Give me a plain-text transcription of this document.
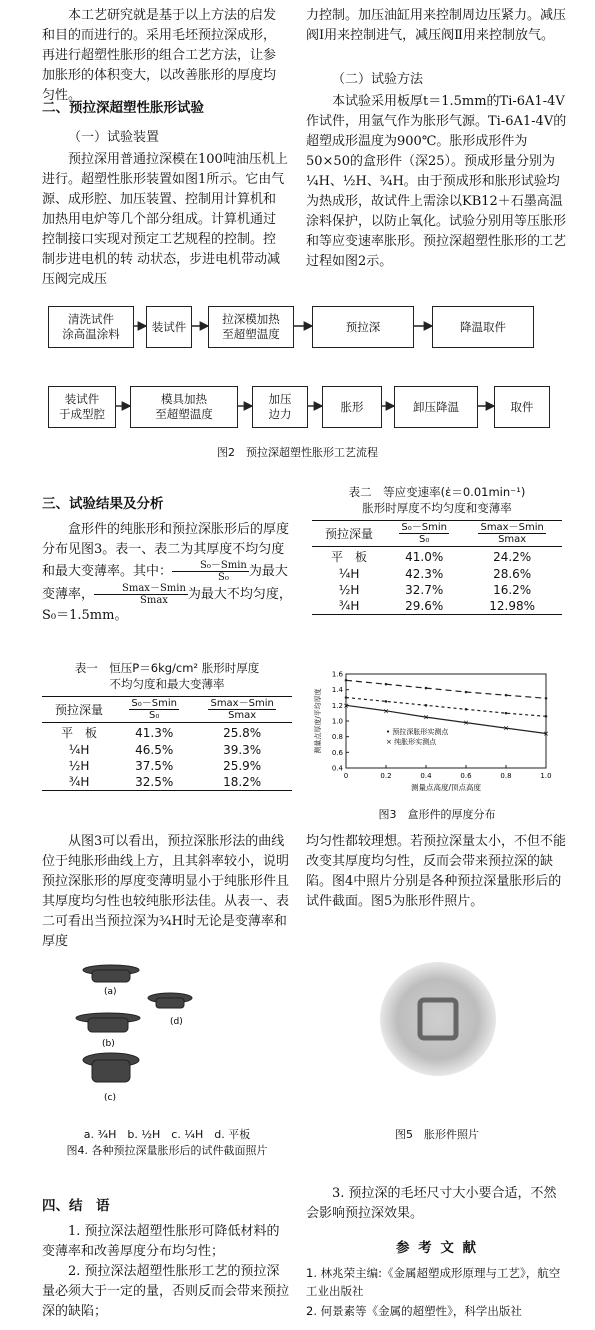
本工艺研究就是基于以上方法的启发和目的而进行的。采用毛坯预拉深成形，再进行超塑性胀形的组合工艺方法，让参加胀形的体积变大，以改善胀形的厚度均匀性。

二、预拉深超塑性胀形试验
（一）试验装置

预拉深用普通拉深模在100吨油压机上进行。超塑性胀形装置如图1所示。它由气源、成形腔、加压装置、控制用计算机和加热用电炉等几个部分组成。计算机通过控制接口实现对预定工艺规程的控制。控制步进电机的转 动状态，步进电机带动减压阀完成压

力控制。加压油缸用来控制周边压紧力。减压阀Ⅰ用来控制进气，减压阀Ⅱ用来控制放气。

（二）试验方法

本试验采用板厚t＝1.5mm的Ti-6A1-4V作试件，用氩气作为胀形气源。Ti-6A1-4V的超塑成形温度为900℃。胀形成形件为50×50的盒形件（深25）。预成形量分别为¼H、½H、¾H。由于预成形和胀形试验均为热成形，故试件上需涂以KB12＋石墨高温涂料保护，以防止氧化。试验分别用等压胀形和等应变速率胀形。预拉深超塑性胀形的工艺过程如图2示。

清洗试件
涂高温涂料
装试件
拉深模加热
至超塑温度
预拉深	降温取件
装试件
于成型腔
模具加热
至超塑温度
加压
边力
胀形	卸压降温	取件
图2　预拉深超塑性胀形工艺流程
三、试验结果及分析

盒形件的纯胀形和预拉深胀形后的厚度分布见图3。表一、表二为其厚度不均匀度和最大变薄率。其中： $\frac{\text{S₀－Smin}}{\text{S₀}}$ 为最大变薄率， $\frac{Smax-Smin}{Smax}$ 为最大不均匀度，S₀＝1.5mm。

表一　恒压P＝6kg/cm² 胀形时厚度
不均匀度和最大变薄率
预拉深量	$\frac{\text{S₀－Smin}}{\text{S₀}}$	$\frac{Smax-Smin}{Smax}$

平　板	41.3%	25.8%
¼H	46.5%	39.3%
½H	37.5%	25.9%
¾H	32.5%	18.2%
表二　等应变速率(ε̇＝0.01min⁻¹)
胀形时厚度不均匀度和变薄率
预拉深量	$\frac{\text{S₀－Smin}}{\text{S₀}}$	$\frac{Smax-Smin}{Smax}$

平　板	41.0%	24.2%
¼H	42.3%	28.6%
½H	32.7%	16.2%
¾H	29.6%	12.98%
0	0.2	0.4	0.6	0.8	1.0
0.4
0.6
0.8
1.0
1.2
1.4
1.6
测量点高度/顶点高度
测量点厚度/平均厚度	×
×
×
×
×
×
• 预拉深胀形实测点
× 纯胀形实测点
图3　盒形件的厚度分布

从图3可以看出，预拉深胀形法的曲线位于纯胀形曲线上方，且其斜率较小，说明预拉深胀形的厚度变薄明显小于纯胀形件且其厚度均匀性也较纯胀形法佳。从表一、表二可看出当预拉深为¾H时无论是变薄率和厚度

均匀性都较理想。若预拉深量太小，不但不能改变其厚度均匀性，反而会带来预拉深的缺陷。图4中照片分别是各种预拉深量胀形后的试件截面。图5为胀形件照片。

(a)
(d)
(b)
(c)
a. ¾H　b. ½H　c. ¼H　d. 平板
图4. 各种预拉深量胀形后的试件截面照片
图5　胀形件照片
四、结　语

1. 预拉深法超塑性胀形可降低材料的变薄率和改善厚度分布均匀性；

2. 预拉深法超塑性胀形工艺的预拉深量必须大于一定的量，否则反而会带来预拉深的缺陷；

3. 预拉深的毛坯尺寸大小要合适，不然会影响预拉深效果。

参 考 文 献
1. 林兆荣主编:《金属超塑成形原理与工艺》，航空工业出版社
2. 何景素等《金属的超塑性》，科学出版社
